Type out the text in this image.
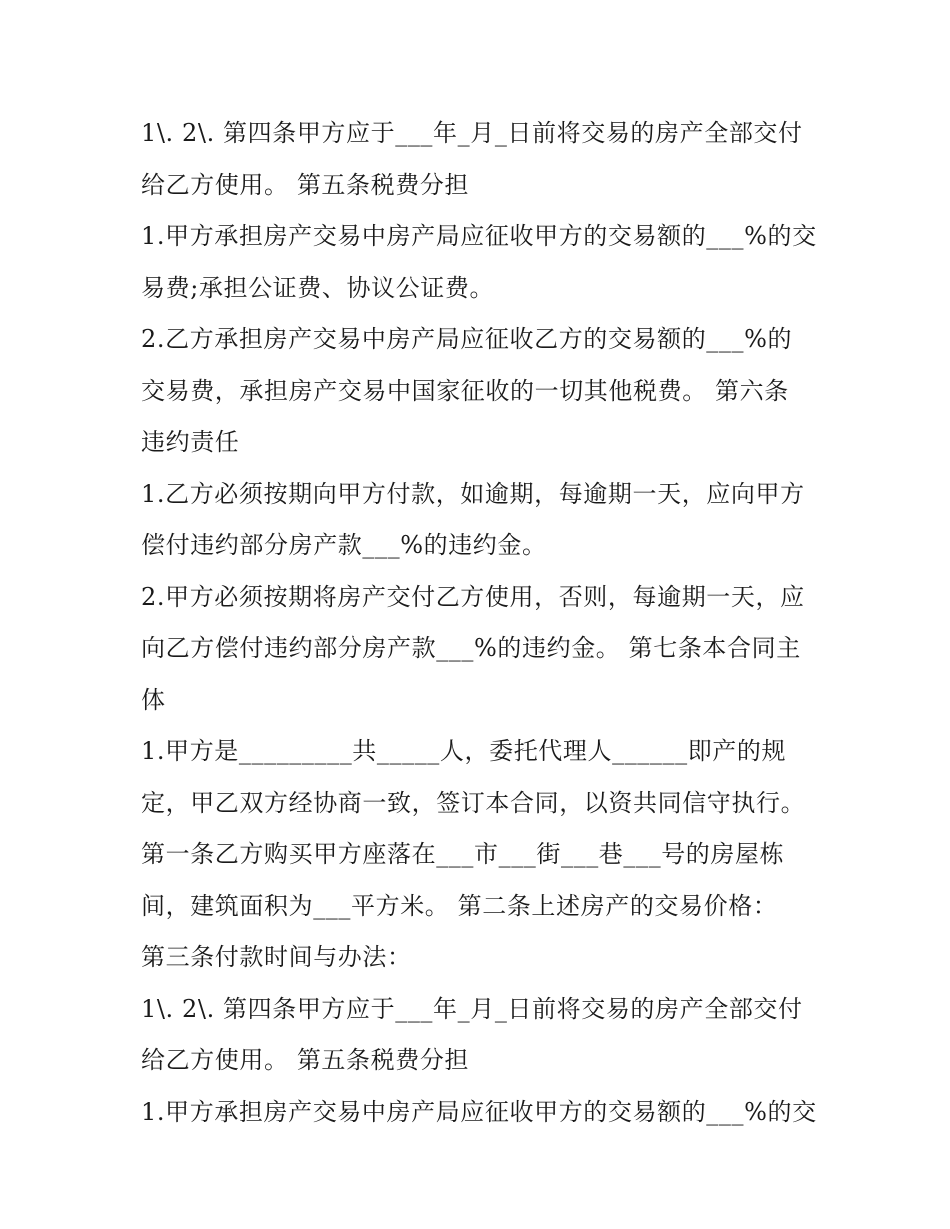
1\. 2\. 第四条甲方应于___年_月_日前将交易的房产全部交付

给乙方使用。 第五条税费分担

1.甲方承担房产交易中房产局应征收甲方的交易额的___%的交

易费;承担公证费、协议公证费。

2.乙方承担房产交易中房产局应征收乙方的交易额的___%的

交易费，承担房产交易中国家征收的一切其他税费。 第六条

违约责任

1.乙方必须按期向甲方付款，如逾期，每逾期一天，应向甲方

偿付违约部分房产款___%的违约金。

2.甲方必须按期将房产交付乙方使用，否则，每逾期一天，应

向乙方偿付违约部分房产款___%的违约金。 第七条本合同主

体

1.甲方是_________共_____人，委托代理人______即产的规

定，甲乙双方经协商一致，签订本合同，以资共同信守执行。

第一条乙方购买甲方座落在___市___街___巷___号的房屋栋

间，建筑面积为___平方米。 第二条上述房产的交易价格：

第三条付款时间与办法：

1\. 2\. 第四条甲方应于___年_月_日前将交易的房产全部交付

给乙方使用。 第五条税费分担

1.甲方承担房产交易中房产局应征收甲方的交易额的___%的交
